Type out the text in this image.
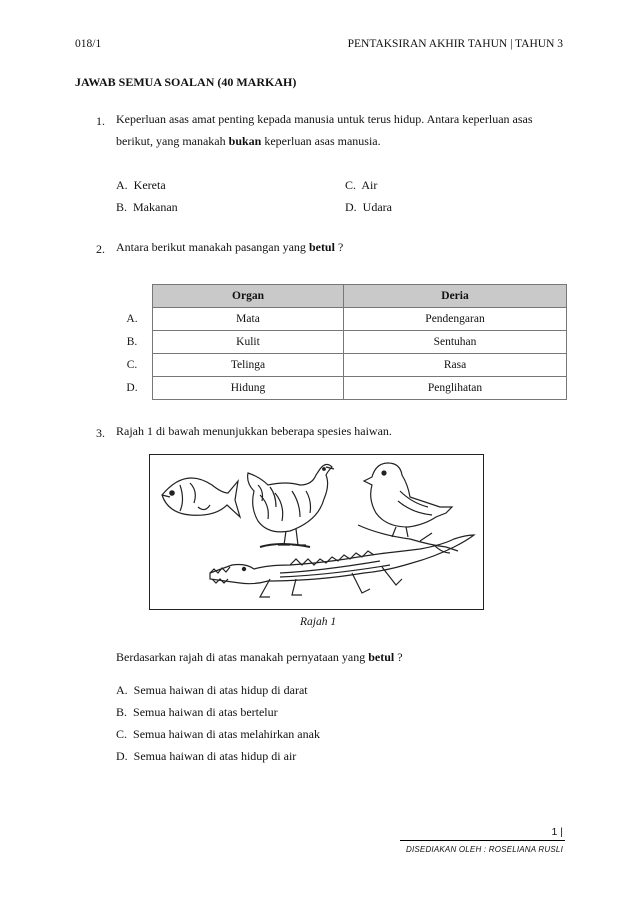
018/1	PENTAKSIRAN AKHIR TAHUN | TAHUN 3
JAWAB SEMUA SOALAN (40 MARKAH)
1. Keperluan asas amat penting kepada manusia untuk terus hidup. Antara keperluan asas
berikut, yang manakah bukan keperluan asas manusia.
A. Kereta
B. Makanan
C. Air
D. Udara
2. Antara berikut manakah pasangan yang betul ?
	Organ	Deria
A.	Mata	Pendengaran
B.	Kulit	Sentuhan
C.	Telinga	Rasa
D.	Hidung	Penglihatan
3. Rajah 1 di bawah menunjukkan beberapa spesies haiwan.
Rajah 1
Berdasarkan rajah di atas manakah pernyataan yang betul ?
A. Semua haiwan di atas hidup di darat
B. Semua haiwan di atas bertelur
C. Semua haiwan di atas melahirkan anak
D. Semua haiwan di atas hidup di air
1 |
DISEDIAKAN OLEH : ROSELIANA RUSLI
